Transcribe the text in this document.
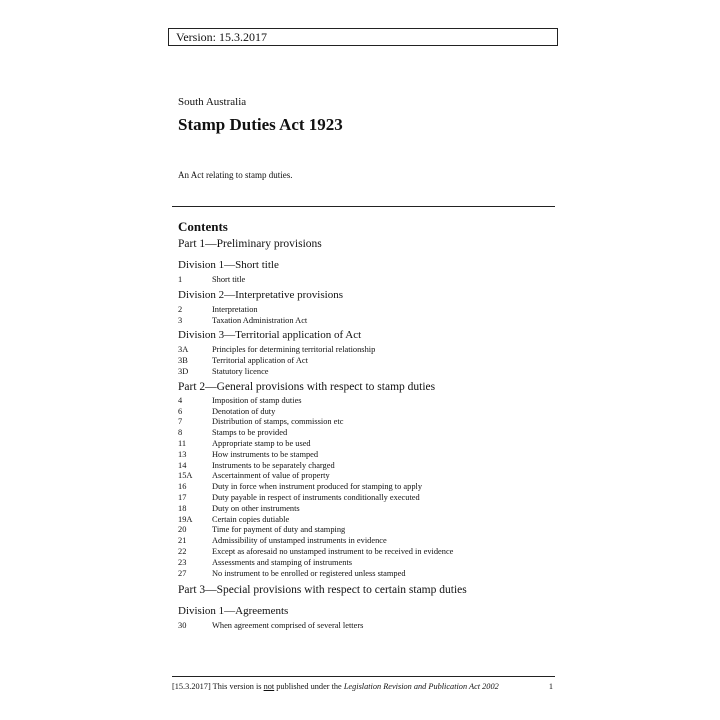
Version: 15.3.2017
South Australia
Stamp Duties Act 1923
An Act relating to stamp duties.
Contents

Part 1—Preliminary provisions

Division 1—Short title

1	Short title

Division 2—Interpretative provisions

2	Interpretation
3	Taxation Administration Act

Division 3—Territorial application of Act

3A	Principles for determining territorial relationship
3B	Territorial application of Act
3D	Statutory licence

Part 2—General provisions with respect to stamp duties

4	Imposition of stamp duties
6	Denotation of duty
7	Distribution of stamps, commission etc
8	Stamps to be provided
11	Appropriate stamp to be used
13	How instruments to be stamped
14	Instruments to be separately charged
15A Ascertainment of value of property
16	Duty in force when instrument produced for stamping to apply
17	Duty payable in respect of instruments conditionally executed
18	Duty on other instruments
19A Certain copies dutiable
20	Time for payment of duty and stamping
21	Admissibility of unstamped instruments in evidence
22	Except as aforesaid no unstamped instrument to be received in evidence
23	Assessments and stamping of instruments
27	No instrument to be enrolled or registered unless stamped

Part 3—Special provisions with respect to certain stamp duties

Division 1—Agreements

30	When agreement comprised of several letters
[15.3.2017] This version is not published under the Legislation Revision and Publication Act 2002	1
